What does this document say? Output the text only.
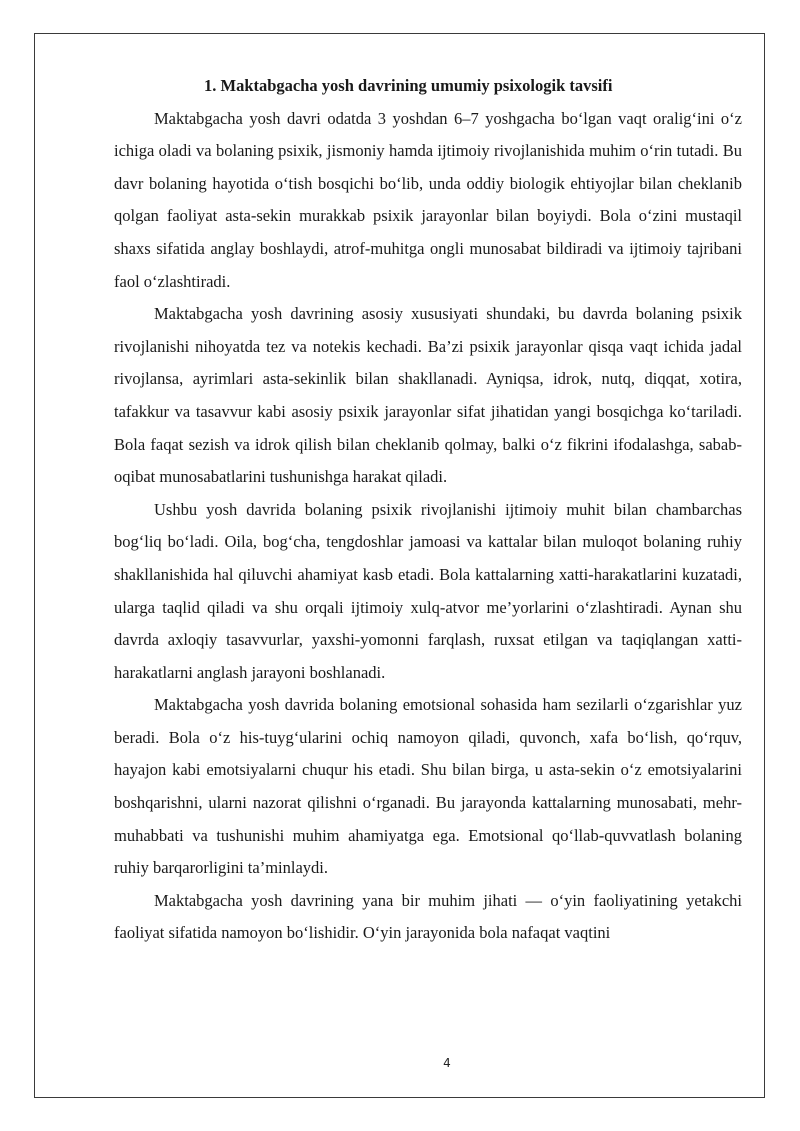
1. Maktabgacha yosh davrining umumiy psixologik tavsifi

Maktabgacha yosh davri odatda 3 yoshdan 6–7 yoshgacha bo‘lgan vaqt oralig‘ini o‘z ichiga oladi va bolaning psixik, jismoniy hamda ijtimoiy rivojlanishida muhim o‘rin tutadi. Bu davr bolaning hayotida o‘tish bosqichi bo‘lib, unda oddiy biologik ehtiyojlar bilan cheklanib qolgan faoliyat asta-sekin murakkab psixik jarayonlar bilan boyiydi. Bola o‘zini mustaqil shaxs sifatida anglay boshlaydi, atrof-muhitga ongli munosabat bildiradi va ijtimoiy tajribani faol o‘zlashtiradi.

Maktabgacha yosh davrining asosiy xususiyati shundaki, bu davrda bolaning psixik rivojlanishi nihoyatda tez va notekis kechadi. Ba’zi psixik jarayonlar qisqa vaqt ichida jadal rivojlansa, ayrimlari asta-sekinlik bilan shakllanadi. Ayniqsa, idrok, nutq, diqqat, xotira, tafakkur va tasavvur kabi asosiy psixik jarayonlar sifat jihatidan yangi bosqichga ko‘tariladi. Bola faqat sezish va idrok qilish bilan cheklanib qolmay, balki o‘z fikrini ifodalashga, sabab-oqibat munosabatlarini tushunishga harakat qiladi.

Ushbu yosh davrida bolaning psixik rivojlanishi ijtimoiy muhit bilan chambarchas bog‘liq bo‘ladi. Oila, bog‘cha, tengdoshlar jamoasi va kattalar bilan muloqot bolaning ruhiy shakllanishida hal qiluvchi ahamiyat kasb etadi. Bola kattalarning xatti-harakatlarini kuzatadi, ularga taqlid qiladi va shu orqali ijtimoiy xulq-atvor me’yorlarini o‘zlashtiradi. Aynan shu davrda axloqiy tasavvurlar, yaxshi-yomonni farqlash, ruxsat etilgan va taqiqlangan xatti-harakatlarni anglash jarayoni boshlanadi.

Maktabgacha yosh davrida bolaning emotsional sohasida ham sezilarli o‘zgarishlar yuz beradi. Bola o‘z his-tuyg‘ularini ochiq namoyon qiladi, quvonch, xafa bo‘lish, qo‘rquv, hayajon kabi emotsiyalarni chuqur his etadi. Shu bilan birga, u asta-sekin o‘z emotsiyalarini boshqarishni, ularni nazorat qilishni o‘rganadi. Bu jarayonda kattalarning munosabati, mehr-muhabbati va tushunishi muhim ahamiyatga ega. Emotsional qo‘llab-quvvatlash bolaning ruhiy barqarorligini ta’minlaydi.

Maktabgacha yosh davrining yana bir muhim jihati — o‘yin faoliyatining yetakchi faoliyat sifatida namoyon bo‘lishidir. O‘yin jarayonida bola nafaqat vaqtini

4
